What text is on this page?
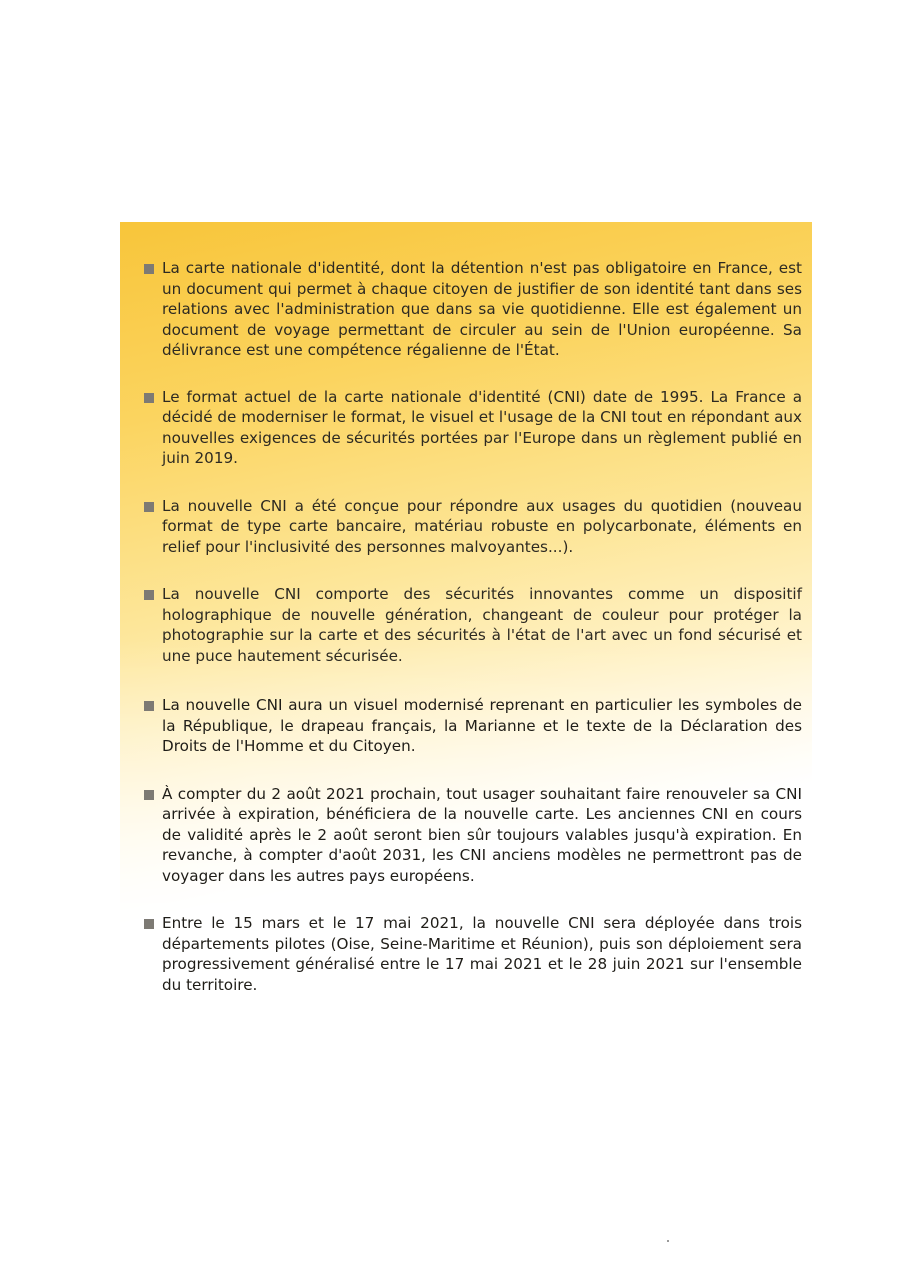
La carte nationale d'identité, dont la détention n'est pas obligatoire en France, est un document qui permet à chaque citoyen de justifier de son identité tant dans ses relations avec l'administration que dans sa vie quotidienne. Elle est également un document de voyage permettant de circuler au sein de l'Union européenne. Sa délivrance est une compétence régalienne de l'État.

Le format actuel de la carte nationale d'identité (CNI) date de 1995. La France a décidé de moderniser le format, le visuel et l'usage de la CNI tout en répondant aux nouvelles exigences de sécurités portées par l'Europe dans un règlement publié en juin 2019.

La nouvelle CNI a été conçue pour répondre aux usages du quotidien (nouveau format de type carte bancaire, matériau robuste en polycarbonate, éléments en relief pour l'inclusivité des personnes malvoyantes...).

La nouvelle CNI comporte des sécurités innovantes comme un dispositif holographique de nouvelle génération, changeant de couleur pour protéger la photographie sur la carte et des sécurités à l'état de l'art avec un fond sécurisé et une puce hautement sécurisée.

La nouvelle CNI aura un visuel modernisé reprenant en particulier les symboles de la République, le drapeau français, la Marianne et le texte de la Déclaration des Droits de l'Homme et du Citoyen.

À compter du 2 août 2021 prochain, tout usager souhaitant faire renouveler sa CNI arrivée à expiration, bénéficiera de la nouvelle carte. Les anciennes CNI en cours de validité après le 2 août seront bien sûr toujours valables jusqu'à expiration. En revanche, à compter d'août 2031, les CNI anciens modèles ne permettront pas de voyager dans les autres pays européens.

Entre le 15 mars et le 17 mai 2021, la nouvelle CNI sera déployée dans trois départements pilotes (Oise, Seine-Maritime et Réunion), puis son déploiement sera progressivement généralisé entre le 17 mai 2021 et le 28 juin 2021 sur l'ensemble du territoire.
